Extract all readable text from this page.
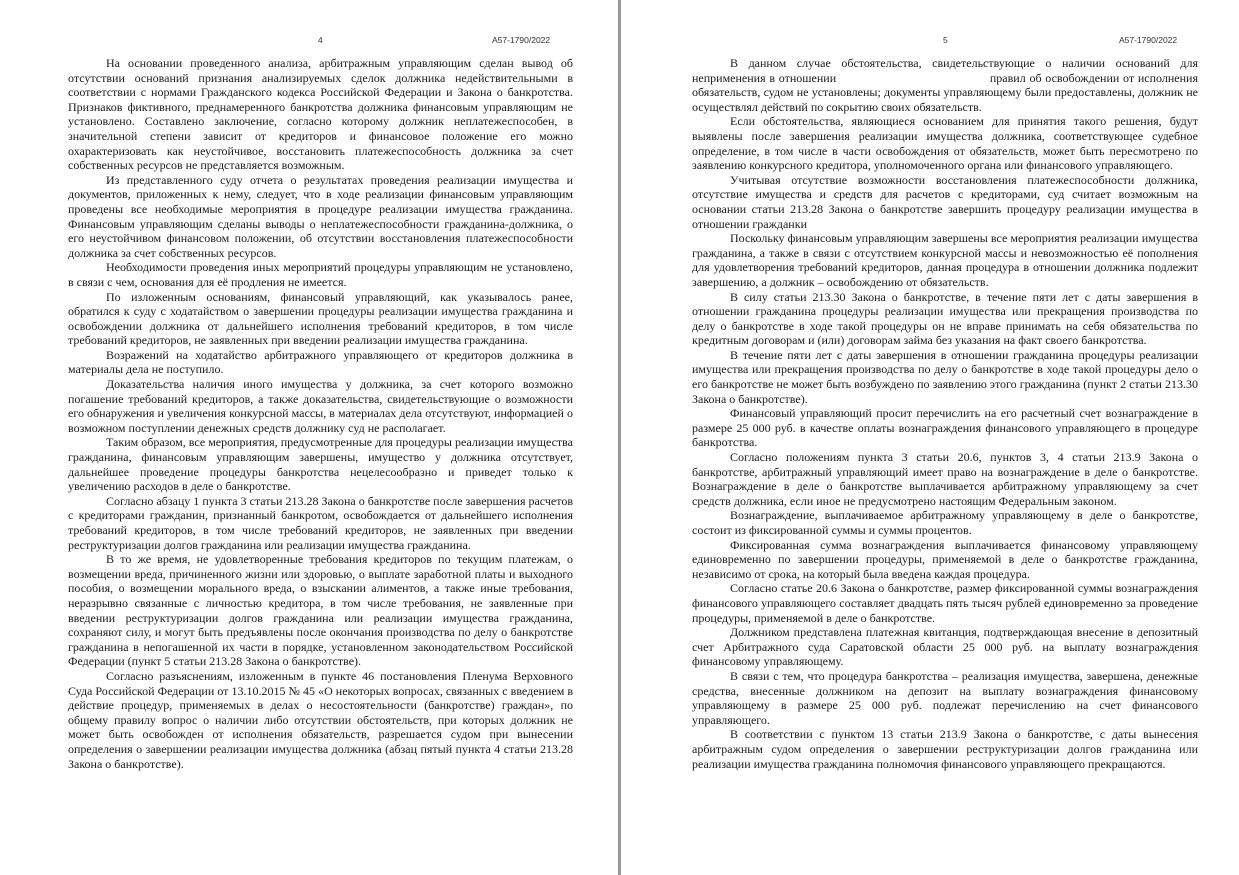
4	А57-1790/2022

На основании проведенного анализа, арбитражным управляющим сделан вывод об отсутствии оснований признания анализируемых сделок должника недействительными в соответствии с нормами Гражданского кодекса Российской Федерации и Закона о банкротства. Признаков фиктивного, преднамеренного банкротства должника финансовым управляющим не установлено. Составлено заключение, согласно которому должник неплатежеспособен, в значительной степени зависит от кредиторов и финансовое положение его можно охарактеризовать как неустойчивое, восстановить платежеспособность должника за счет собственных ресурсов не представляется возможным.

Из представленного суду отчета о результатах проведения реализации имущества и документов, приложенных к нему, следует, что в ходе реализации финансовым управляющим проведены все необходимые мероприятия в процедуре реализации имущества гражданина. Финансовым управляющим сделаны выводы о неплатежеспособности гражданина-должника, о его неустойчивом финансовом положении, об отсутствии восстановления платежеспособности должника за счет собственных ресурсов.

Необходимости проведения иных мероприятий процедуры управляющим не установлено, в связи с чем, основания для её продления не имеется.

По изложенным основаниям, финансовый управляющий, как указывалось ранее, обратился к суду с ходатайством о завершении процедуры реализации имущества гражданина и освобождении должника от дальнейшего исполнения требований кредиторов, в том числе требований кредиторов, не заявленных при введении реализации имущества гражданина.

Возражений на ходатайство арбитражного управляющего от кредиторов должника в материалы дела не поступило.

Доказательства наличия иного имущества у должника, за счет которого возможно погашение требований кредиторов, а также доказательства, свидетельствующие о возможности его обнаружения и увеличения конкурсной массы, в материалах дела отсутствуют, информацией о возможном поступлении денежных средств должнику суд не располагает.

Таким образом, все мероприятия, предусмотренные для процедуры реализации имущества гражданина, финансовым управляющим завершены, имущество у должника отсутствует, дальнейшее проведение процедуры банкротства нецелесообразно и приведет только к увеличению расходов в деле о банкротстве.

Согласно абзацу 1 пункта 3 статьи 213.28 Закона о банкротстве после завершения расчетов с кредиторами гражданин, признанный банкротом, освобождается от дальнейшего исполнения требований кредиторов, в том числе требований кредиторов, не заявленных при введении реструктуризации долгов гражданина или реализации имущества гражданина.

В то же время, не удовлетворенные требования кредиторов по текущим платежам, о возмещении вреда, причиненного жизни или здоровью, о выплате заработной платы и выходного пособия, о возмещении морального вреда, о взыскании алиментов, а также иные требования, неразрывно связанные с личностью кредитора, в том числе требования, не заявленные при введении реструктуризации долгов гражданина или реализации имущества гражданина, сохраняют силу, и могут быть предъявлены после окончания производства по делу о банкротстве гражданина в непогашенной их части в порядке, установленном законодательством Российской Федерации (пункт 5 статьи 213.28 Закона о банкротстве).

Согласно разъяснениям, изложенным в пункте 46 постановления Пленума Верховного Суда Российской Федерации от 13.10.2015 № 45 «О некоторых вопросах, связанных с введением в действие процедур, применяемых в делах о несостоятельности (банкротстве) граждан», по общему правилу вопрос о наличии либо отсутствии обстоятельств, при которых должник не может быть освобожден от исполнения обязательств, разрешается судом при вынесении определения о завершении реализации имущества должника (абзац пятый пункта 4 статьи 213.28 Закона о банкротстве).

5	А57-1790/2022

В данном случае обстоятельства, свидетельствующие о наличии оснований для неприменения в отношении                                         правил об освобождении от исполнения обязательств, судом не установлены; документы управляющему были предоставлены, должник не осуществлял действий по сокрытию своих обязательств.

Если обстоятельства, являющиеся основанием для принятия такого решения, будут выявлены после завершения реализации имущества должника, соответствующее судебное определение, в том числе в части освобождения от обязательств, может быть пересмотрено по заявлению конкурсного кредитора, уполномоченного органа или финансового управляющего.

Учитывая отсутствие возможности восстановления платежеспособности должника, отсутствие имущества и средств для расчетов с кредиторами, суд считает возможным на основании статьи 213.28 Закона о банкротстве завершить процедуру реализации имущества в отношении гражданки

Поскольку финансовым управляющим завершены все мероприятия реализации имущества гражданина, а также в связи с отсутствием конкурсной массы и невозможностью её пополнения для удовлетворения требований кредиторов, данная процедура в отношении должника подлежит завершению, а должник – освобождению от обязательств.

В силу статьи 213.30 Закона о банкротстве, в течение пяти лет с даты завершения в отношении гражданина процедуры реализации имущества или прекращения производства по делу о банкротстве в ходе такой процедуры он не вправе принимать на себя обязательства по кредитным договорам и (или) договорам займа без указания на факт своего банкротства.

В течение пяти лет с даты завершения в отношении гражданина процедуры реализации имущества или прекращения производства по делу о банкротстве в ходе такой процедуры дело о его банкротстве не может быть возбуждено по заявлению этого гражданина (пункт 2 статьи 213.30 Закона о банкротстве).

Финансовый управляющий просит перечислить на его расчетный счет вознаграждение в размере 25 000 руб. в качестве оплаты вознаграждения финансового управляющего в процедуре банкротства.

Согласно положениям пункта 3 статьи 20.6, пунктов 3, 4 статьи 213.9 Закона о банкротстве, арбитражный управляющий имеет право на вознаграждение в деле о банкротстве. Вознаграждение в деле о банкротстве выплачивается арбитражному управляющему за счет средств должника, если иное не предусмотрено настоящим Федеральным законом.

Вознаграждение, выплачиваемое арбитражному управляющему в деле о банкротстве, состоит из фиксированной суммы и суммы процентов.

Фиксированная сумма вознаграждения выплачивается финансовому управляющему единовременно по завершении процедуры, применяемой в деле о банкротстве гражданина, независимо от срока, на который была введена каждая процедура.

Согласно статье 20.6 Закона о банкротстве, размер фиксированной суммы вознаграждения финансового управляющего составляет двадцать пять тысяч рублей единовременно за проведение процедуры, применяемой в деле о банкротстве.

Должником представлена платежная квитанция, подтверждающая внесение в депозитный счет Арбитражного суда Саратовской области 25 000 руб. на выплату вознаграждения финансовому управляющему.

В связи с тем, что процедура банкротства – реализация имущества, завершена, денежные средства, внесенные должником на депозит на выплату вознаграждения финансовому управляющему в размере 25 000 руб. подлежат перечислению на счет финансового управляющего.

В соответствии с пунктом 13 статьи 213.9 Закона о банкротстве, с даты вынесения арбитражным судом определения о завершении реструктуризации долгов гражданина или реализации имущества гражданина полномочия финансового управляющего прекращаются.
